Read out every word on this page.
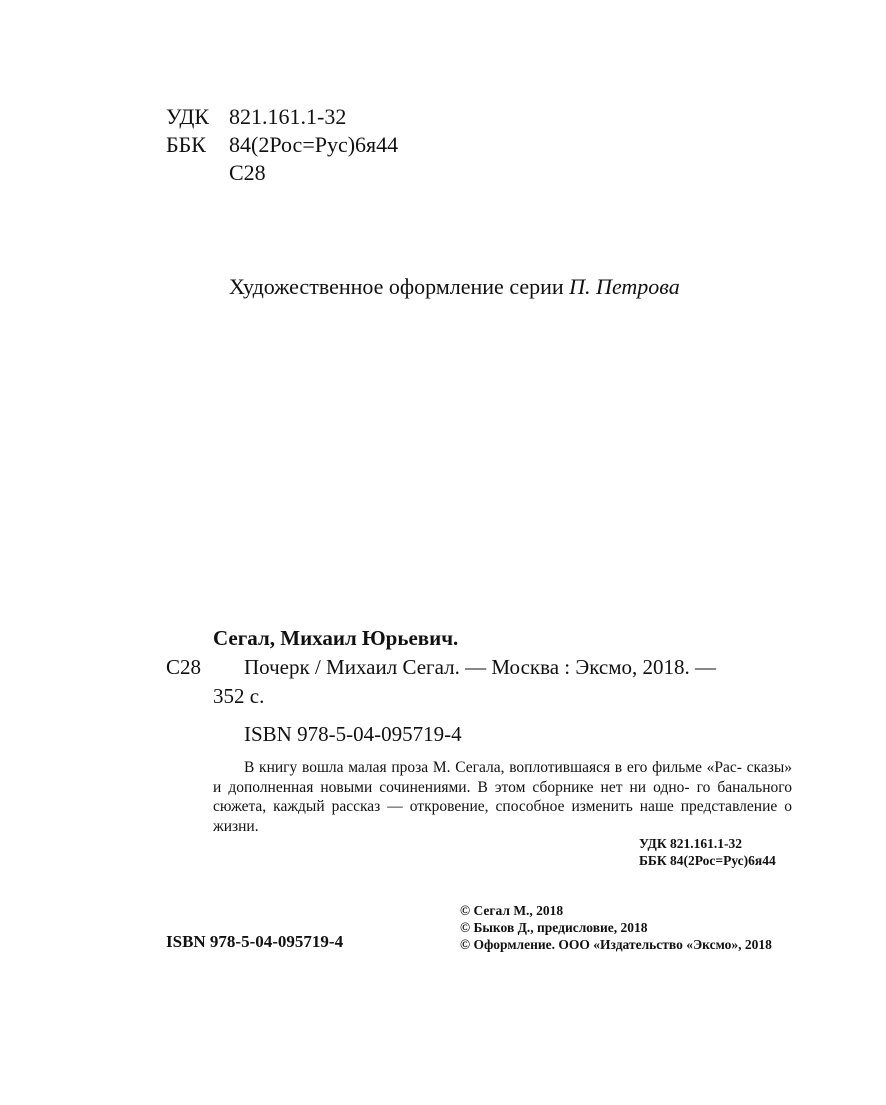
УДК 821.161.1-32
ББК 84(2Рос=Рус)6я44
С28
Художественное оформление серии П. Петрова
Сегал, Михаил Юрьевич.
С28 Почерк / Михаил Сегал. — Москва : Эксмо, 2018. —
352 с.
ISBN 978-5-04-095719-4

В книгу вошла малая проза М. Сегала, воплотившаяся в его фильме «Рас- сказы» и дополненная новыми сочинениями. В этом сборнике нет ни одно- го банального сюжета, каждый рассказ — откровение, способное изменить наше представление о жизни.

УДК 821.161.1-32
ББК 84(2Рос=Рус)6я44
© Сегал М., 2018
© Быков Д., предисловие, 2018
© Оформление. ООО «Издательство «Эксмо», 2018
ISBN 978-5-04-095719-4
